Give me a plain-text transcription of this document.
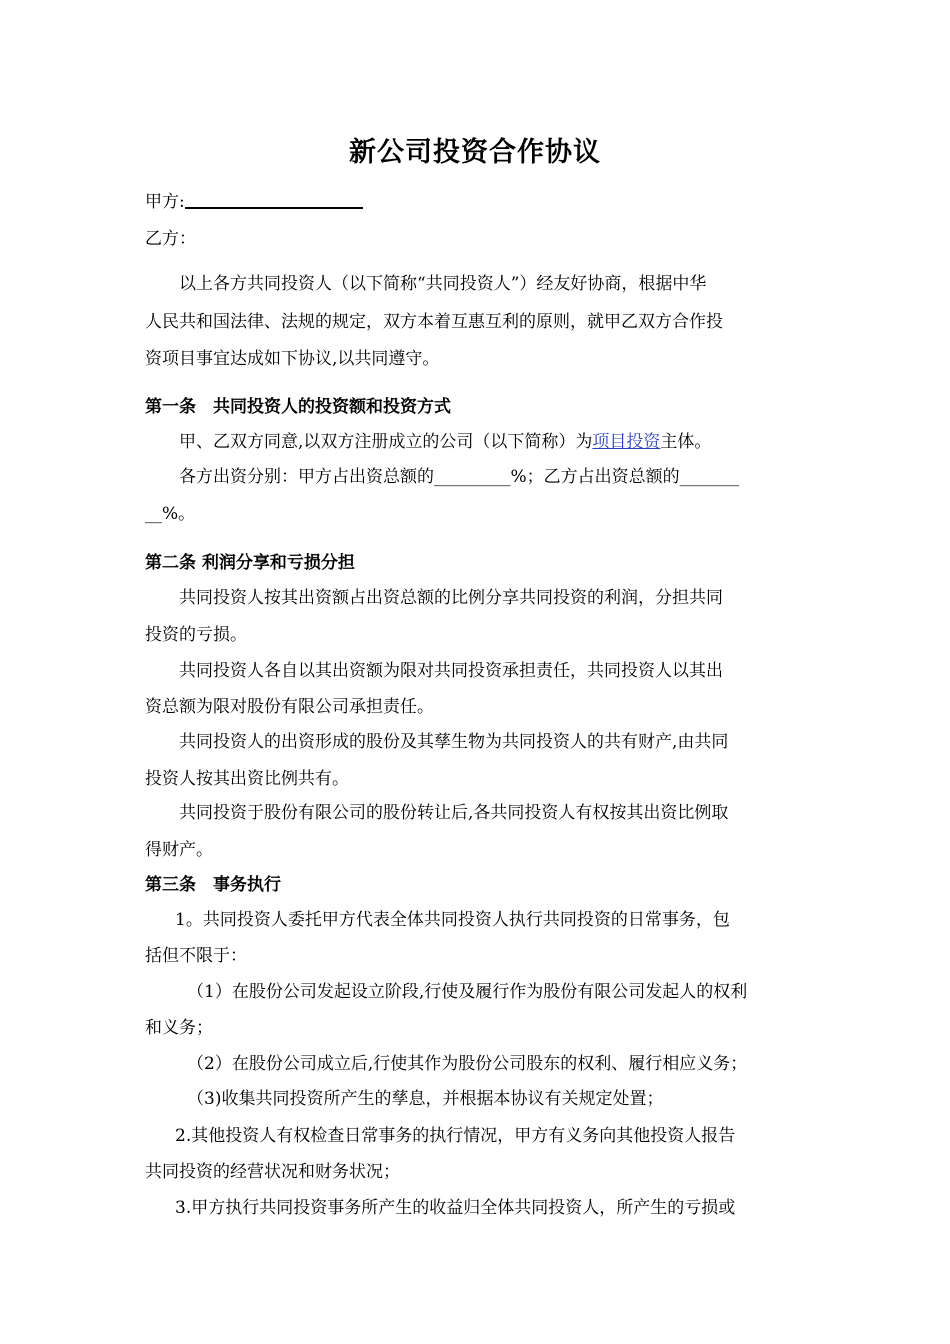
新公司投资合作协议
甲方:
乙方：
以上各方共同投资人（以下简称“共同投资人”）经友好协商，根据中华
人民共和国法律、法规的规定，双方本着互惠互利的原则，就甲乙双方合作投
资项目事宜达成如下协议,以共同遵守。
第一条　共同投资人的投资额和投资方式
甲、乙双方同意,以双方注册成立的公司（以下简称）为项目投资主体。
各方出资分别：甲方占出资总额的_________%；乙方占出资总额的_______
__%。
第二条 利润分享和亏损分担
共同投资人按其出资额占出资总额的比例分享共同投资的利润，分担共同
投资的亏损。
共同投资人各自以其出资额为限对共同投资承担责任，共同投资人以其出
资总额为限对股份有限公司承担责任。
共同投资人的出资形成的股份及其孳生物为共同投资人的共有财产,由共同
投资人按其出资比例共有。
共同投资于股份有限公司的股份转让后,各共同投资人有权按其出资比例取
得财产。
第三条　事务执行
1。共同投资人委托甲方代表全体共同投资人执行共同投资的日常事务，包
括但不限于：
（1）在股份公司发起设立阶段,行使及履行作为股份有限公司发起人的权利
和义务；
（2）在股份公司成立后,行使其作为股份公司股东的权利、履行相应义务；
（3)收集共同投资所产生的孳息，并根据本协议有关规定处置；
2.其他投资人有权检查日常事务的执行情况，甲方有义务向其他投资人报告
共同投资的经营状况和财务状况；
3.甲方执行共同投资事务所产生的收益归全体共同投资人，所产生的亏损或
